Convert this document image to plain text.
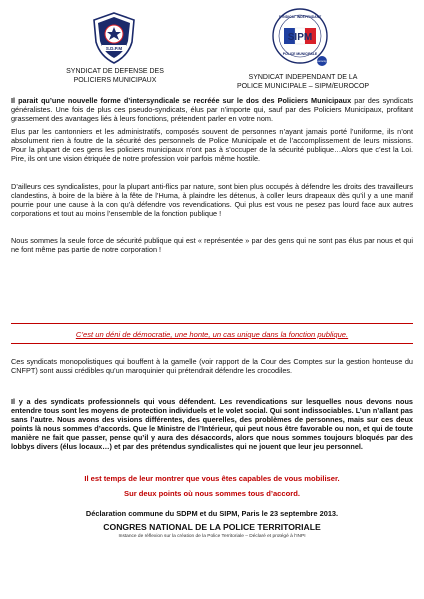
S.D.P.M
SYNDICAT DE DEFENSE DES
POLICIERS MUNICIPAUX
SIPM
SYNDICAT INDEPENDANT
POLICE MUNICIPALE
eurocop
SYNDICAT INDEPENDANT DE LA
POLICE MUNICIPALE – SIPM/EUROCOP

Il parait qu’une nouvelle forme d’intersyndicale se recréée sur le dos des Policiers Municipaux par des syndicats généralistes. Une fois de plus ces pseudo-syndicats, élus par n’importe qui, sauf par des Policiers Municipaux, profitant grassement des avantages liés à leurs fonctions, prétendent parler en votre nom.

Elus par les cantonniers et les administratifs, composés souvent de personnes n’ayant jamais porté l’uniforme, ils n’ont absolument rien à foutre de la sécurité des personnels de Police Municipale et de l’accomplissement de leurs missions. Pour la plupart de ces gens les policiers municipaux n’ont pas à s’occuper de la sécurité publique…Alors que c’est la Loi. Pire, ils ont une vision étriquée de notre profession voir parfois même hostile.

D’ailleurs ces syndicalistes, pour la plupart anti-flics par nature, sont bien plus occupés à défendre les droits des travailleurs clandestins, à boire de la bière à la fête de l’Huma, à plaindre les détenus, à coller leurs drapeaux dès qu’il y a une manif pourrie pour une cause à la con qu’à défendre vos revendications. Qui plus est vous ne pesez pas lourd face aux autres corporations et tout au moins l’ensemble de la fonction publique !

Nous sommes la seule force de sécurité publique qui est « représentée » par des gens qui ne sont pas élus par nous et qui ne font même pas partie de notre corporation !

C’est un déni de démocratie, une honte, un cas unique dans la fonction publique.

Ces syndicats monopolistiques qui bouffent à la gamelle (voir rapport de la Cour des Comptes sur la gestion honteuse du CNFPT) sont aussi crédibles qu’un maroquinier qui prétendrait défendre les crocodiles.

Il y a des syndicats professionnels qui vous défendent. Les revendications sur lesquelles nous devons nous entendre tous sont les moyens de protection individuels et le volet social. Qui sont indissociables. L’un n’allant pas sans l’autre. Nous avons des visions différentes, des querelles, des problèmes de personnes, mais sur ces deux points là nous sommes d’accords. Que le Ministre de l’Intérieur, qui peut nous être favorable ou non, et qui de toute manière ne fait que passer, pense qu’il y aura des désaccords, alors que nous sommes toujours bloqués par des lobbys divers (élus locaux…) et par des prétendus syndicalistes qui ne jouent que leur jeu personnel.

Il est temps de leur montrer que vous êtes capables de vous mobiliser.
Sur deux points où nous sommes tous d’accord.
Déclaration commune du SDPM et du SIPM, Paris le 23 septembre 2013.
CONGRES NATIONAL DE LA POLICE TERRITORIALE
Instance de réflexion sur la création de la Police Territoriale – Déclaré et protégé à l’INPI
